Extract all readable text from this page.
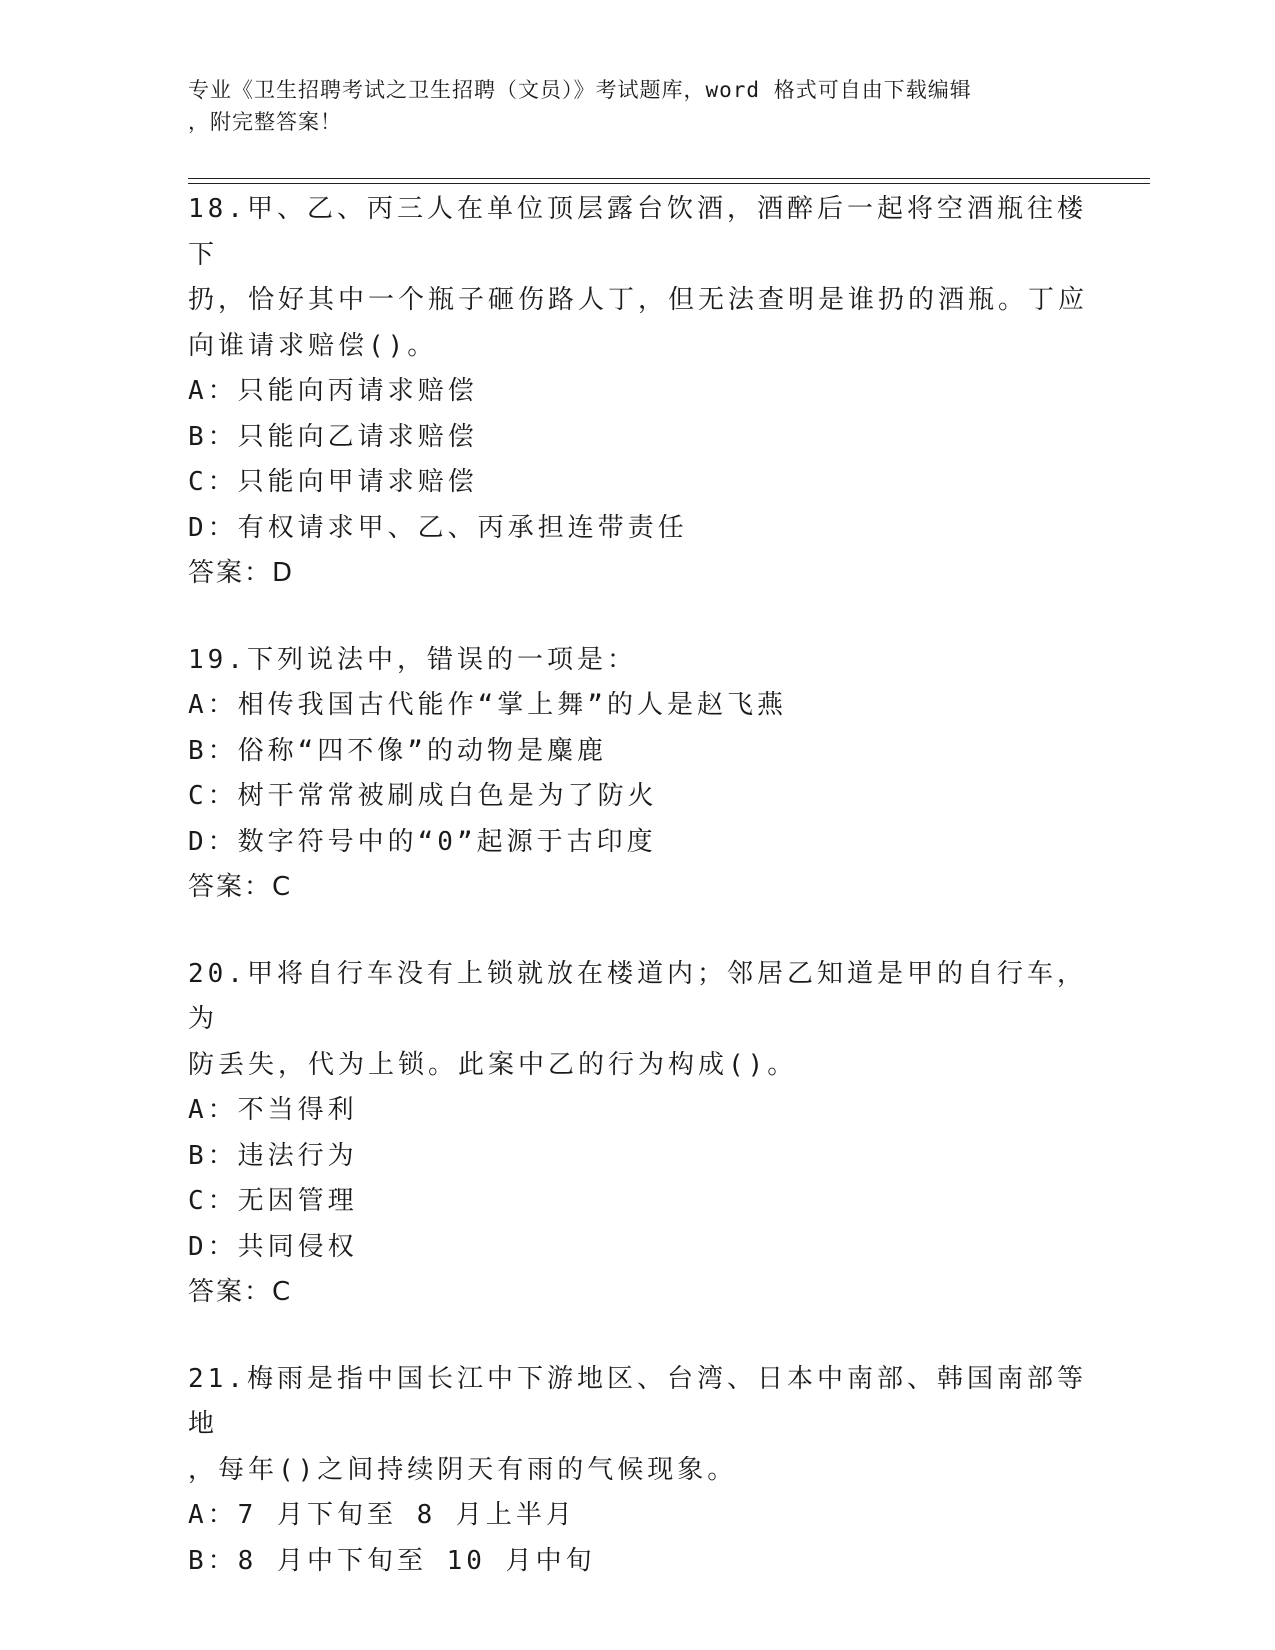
专业《卫生招聘考试之卫生招聘（文员）》考试题库，word 格式可自由下载编辑
，附完整答案！
18.甲、乙、丙三人在单位顶层露台饮酒，酒醉后一起将空酒瓶往楼下
扔，恰好其中一个瓶子砸伤路人丁，但无法查明是谁扔的酒瓶。丁应
向谁请求赔偿()。
A：只能向丙请求赔偿
B：只能向乙请求赔偿
C：只能向甲请求赔偿
D：有权请求甲、乙、丙承担连带责任
答案：D
19.下列说法中，错误的一项是：
A：相传我国古代能作“掌上舞”的人是赵飞燕
B：俗称“四不像”的动物是麋鹿
C：树干常常被刷成白色是为了防火
D：数字符号中的“0”起源于古印度
答案：C
20.甲将自行车没有上锁就放在楼道内；邻居乙知道是甲的自行车，为
防丢失，代为上锁。此案中乙的行为构成()。
A：不当得利
B：违法行为
C：无因管理
D：共同侵权
答案：C
21.梅雨是指中国长江中下游地区、台湾、日本中南部、韩国南部等地
，每年()之间持续阴天有雨的气候现象。
A：7 月下旬至 8 月上半月
B：8 月中下旬至 10 月中旬
